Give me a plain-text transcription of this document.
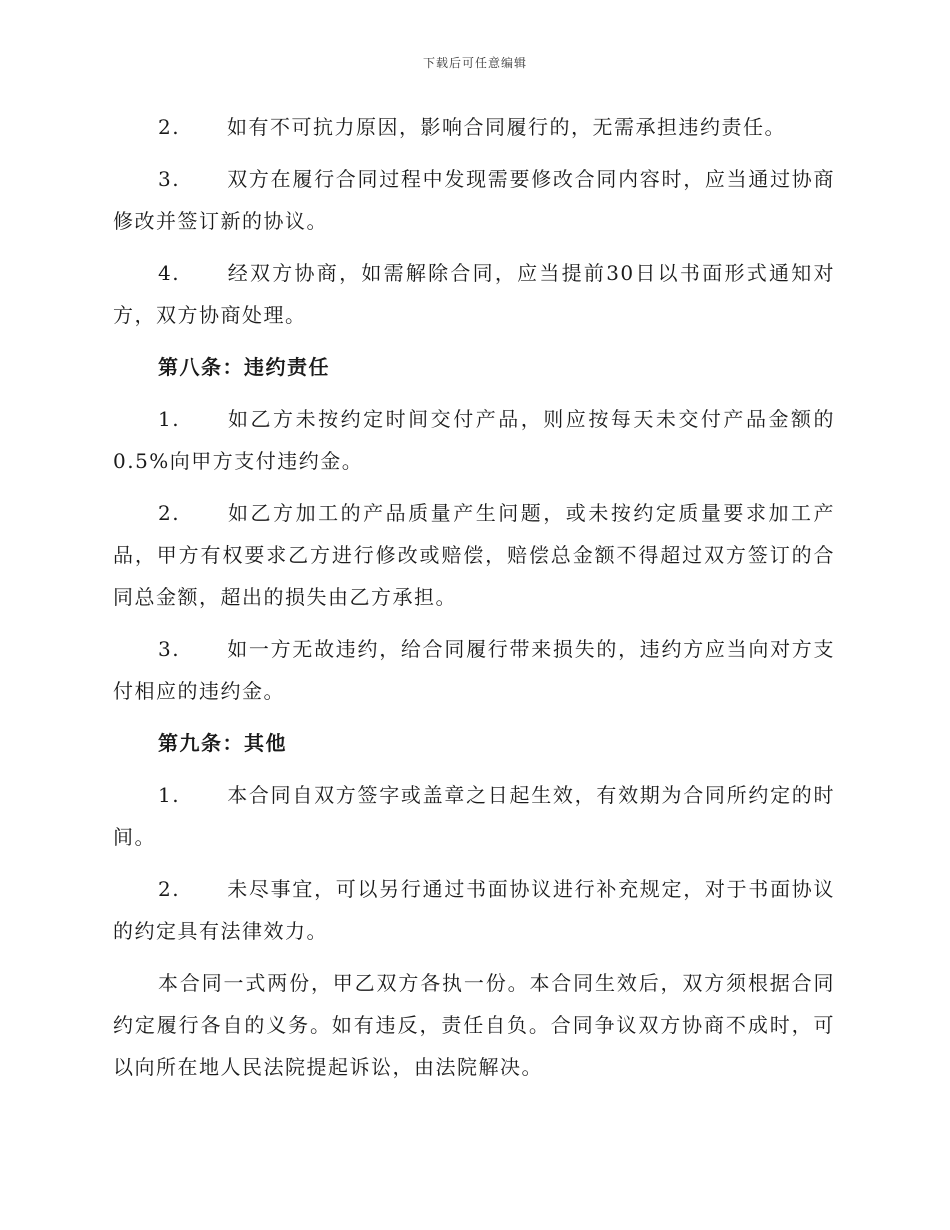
下载后可任意编辑

2. 如有不可抗力原因，影响合同履行的，无需承担违约责任。

3. 双方在履行合同过程中发现需要修改合同内容时，应当通过协商修改并签订新的协议。

4. 经双方协商，如需解除合同，应当提前30日以书面形式通知对方，双方协商处理。

第八条：违约责任

1. 如乙方未按约定时间交付产品，则应按每天未交付产品金额的0.5%向甲方支付违约金。

2. 如乙方加工的产品质量产生问题，或未按约定质量要求加工产品，甲方有权要求乙方进行修改或赔偿，赔偿总金额不得超过双方签订的合同总金额，超出的损失由乙方承担。

3. 如一方无故违约，给合同履行带来损失的，违约方应当向对方支付相应的违约金。

第九条：其他

1. 本合同自双方签字或盖章之日起生效，有效期为合同所约定的时间。

2. 未尽事宜，可以另行通过书面协议进行补充规定，对于书面协议的约定具有法律效力。

本合同一式两份，甲乙双方各执一份。本合同生效后，双方须根据合同约定履行各自的义务。如有违反，责任自负。合同争议双方协商不成时，可以向所在地人民法院提起诉讼，由法院解决。
